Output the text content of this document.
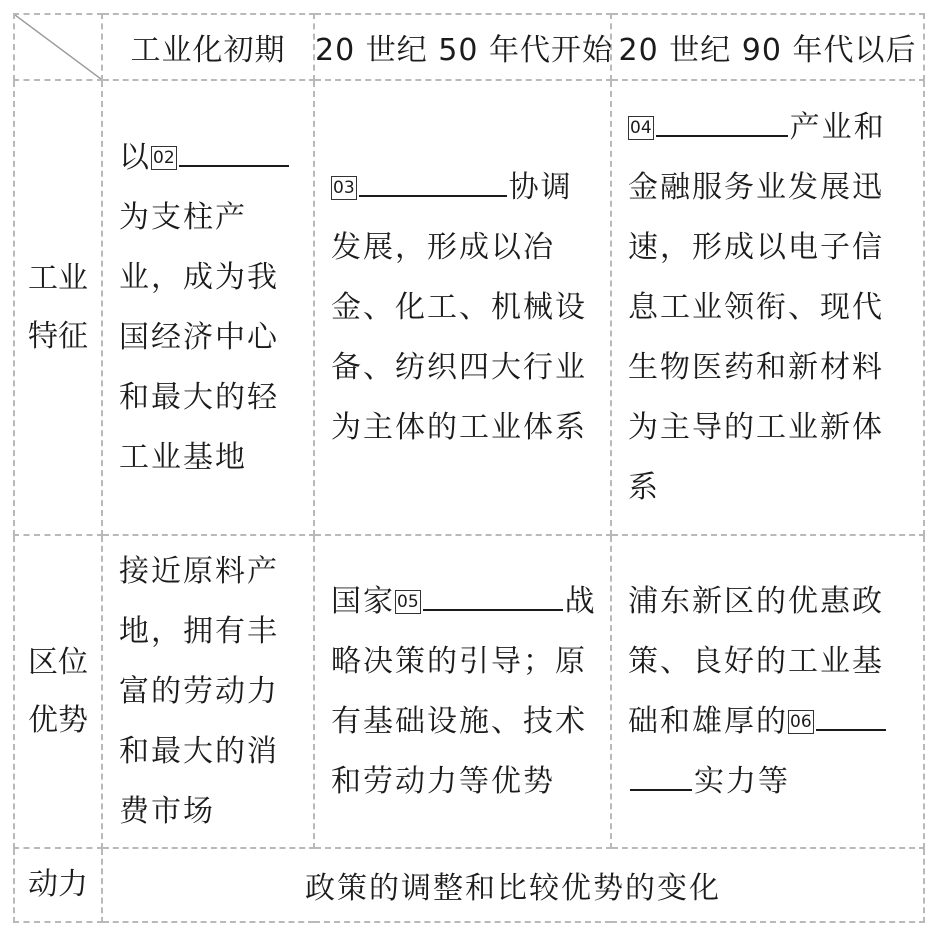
	工业化初期	20 世纪 50 年代开始	20 世纪 90 年代以后

工业
特征	以 02为支柱产业，成为我国经济中心和最大的轻工业基地	03 协调发展，形成以冶金、化工、机械设备、纺织四大行业为主体的工业体系	04 产业和金融服务业发展迅速，形成以电子信息工业领衔、现代生物医药和新材料为主导的工业新体系

区位
优势	接近原料产地，拥有丰富的劳动力和最大的消费市场	国家 05 战略决策的引导；原有基础设施、技术和劳动力等优势	浦东新区的优惠政策、良好的工业基础和雄厚的 06实力等
动力	政策的调整和比较优势的变化		
